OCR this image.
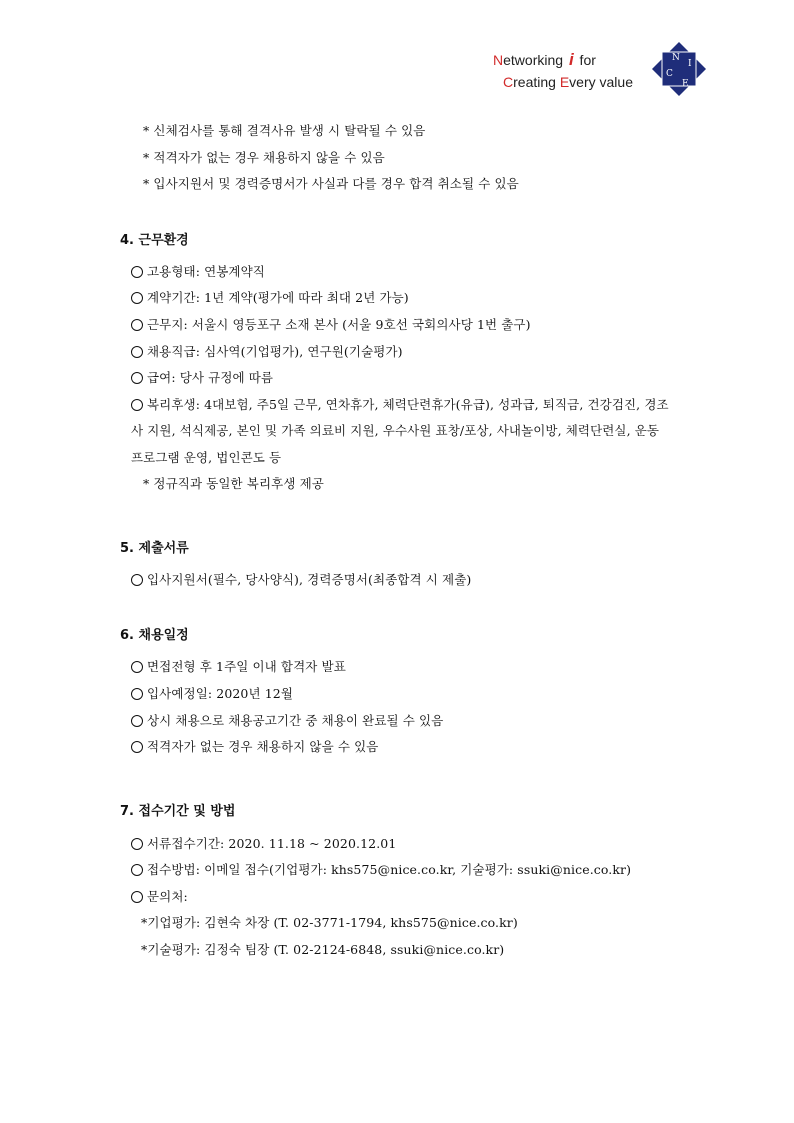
Networking i for
Creating Every value
N
I
C
E
* 신체검사를 통해 결격사유 발생 시 탈락될 수 있음
* 적격자가 없는 경우 채용하지 않을 수 있음
* 입사지원서 및 경력증명서가 사실과 다를 경우 합격 취소될 수 있음
4. 근무환경
고용형태: 연봉계약직
계약기간: 1년 계약(평가에 따라 최대 2년 가능)
근무지: 서울시 영등포구 소재 본사 (서울 9호선 국회의사당 1번 출구)
채용직급: 심사역(기업평가), 연구원(기술평가)
급여: 당사 규정에 따름
복리후생: 4대보험, 주5일 근무, 연차휴가, 체력단련휴가(유급), 성과급, 퇴직금, 건강검진, 경조
사 지원, 석식제공, 본인 및 가족 의료비 지원, 우수사원 표창/포상, 사내놀이방, 체력단련실, 운동
프로그램 운영, 법인콘도 등
* 정규직과 동일한 복리후생 제공
5. 제출서류
입사지원서(필수, 당사양식), 경력증명서(최종합격 시 제출)
6. 채용일정
면접전형 후 1주일 이내 합격자 발표
입사예정일: 2020년 12월
상시 채용으로 채용공고기간 중 채용이 완료될 수 있음
적격자가 없는 경우 채용하지 않을 수 있음
7. 접수기간 및 방법
서류접수기간: 2020. 11.18 ~ 2020.12.01
접수방법: 이메일 접수(기업평가: khs575@nice.co.kr, 기술평가: ssuki@nice.co.kr)
문의처:
*기업평가: 김현숙 차장 (T. 02-3771-1794, khs575@nice.co.kr)
*기술평가: 김정숙 팀장 (T. 02-2124-6848, ssuki@nice.co.kr)
